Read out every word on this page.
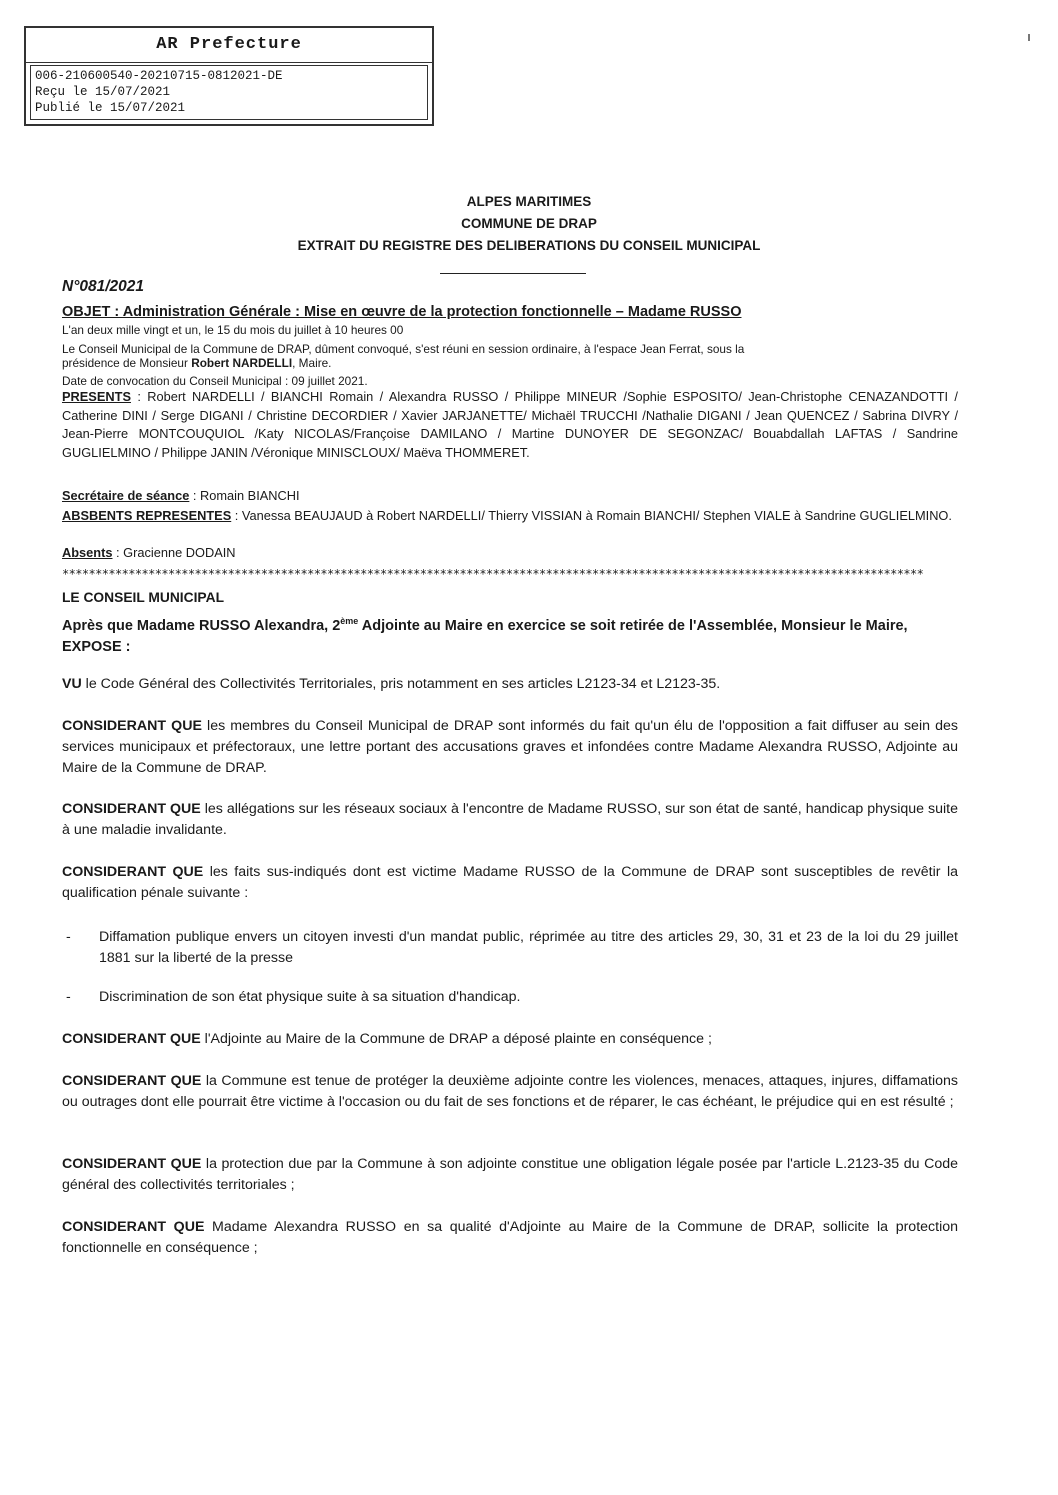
AR Prefecture
006-210600540-20210715-0812021-DE
Reçu le 15/07/2021
Publié le 15/07/2021
ALPES MARITIMES
COMMUNE DE DRAP
EXTRAIT DU REGISTRE DES DELIBERATIONS DU CONSEIL MUNICIPAL
N°081/2021
OBJET : Administration Générale : Mise en œuvre de la protection fonctionnelle – Madame RUSSO
L'an deux mille vingt et un, le 15 du mois du juillet à 10 heures 00
Le Conseil Municipal de la Commune de DRAP, dûment convoqué, s'est réuni en session ordinaire, à l'espace Jean Ferrat, sous la
présidence de Monsieur Robert NARDELLI, Maire.
Date de convocation du Conseil Municipal : 09 juillet 2021.
PRESENTS : Robert NARDELLI / BIANCHI Romain / Alexandra RUSSO / Philippe MINEUR /Sophie ESPOSITO/ Jean-Christophe CENAZANDOTTI / Catherine DINI / Serge DIGANI / Christine DECORDIER / Xavier JARJANETTE/ Michaël TRUCCHI /Nathalie DIGANI / Jean QUENCEZ / Sabrina DIVRY / Jean-Pierre MONTCOUQUIOL /Katy NICOLAS/Françoise DAMILANO / Martine DUNOYER DE SEGONZAC/ Bouabdallah LAFTAS / Sandrine GUGLIELMINO / Philippe JANIN /Véronique MINISCLOUX/ Maëva THOMMERET.
Secrétaire de séance : Romain BIANCHI
ABSBENTS REPRESENTES : Vanessa BEAUJAUD à Robert NARDELLI/ Thierry VISSIAN à Romain BIANCHI/ Stephen VIALE à Sandrine GUGLIELMINO.
Absents : Gracienne DODAIN
**********************************************************************************************************************************
LE CONSEIL MUNICIPAL
Après que Madame RUSSO Alexandra, 2ème Adjointe au Maire en exercice se soit retirée de l'Assemblée, Monsieur le Maire, EXPOSE :
VU le Code Général des Collectivités Territoriales, pris notamment en ses articles L2123-34 et L2123-35.
CONSIDERANT QUE les membres du Conseil Municipal de DRAP sont informés du fait qu'un élu de l'opposition a fait diffuser au sein des services municipaux et préfectoraux, une lettre portant des accusations graves et infondées contre Madame Alexandra RUSSO, Adjointe au Maire de la Commune de DRAP.
CONSIDERANT QUE les allégations sur les réseaux sociaux à l'encontre de Madame RUSSO, sur son état de santé, handicap physique suite à une maladie invalidante.
CONSIDERANT QUE les faits sus-indiqués dont est victime Madame RUSSO de la Commune de DRAP sont susceptibles de revêtir la qualification pénale suivante :
- Diffamation publique envers un citoyen investi d'un mandat public, réprimée au titre des articles 29, 30, 31 et 23 de la loi du 29 juillet 1881 sur la liberté de la presse
- Discrimination de son état physique suite à sa situation d'handicap.
CONSIDERANT QUE l'Adjointe au Maire de la Commune de DRAP a déposé plainte en conséquence ;
CONSIDERANT QUE la Commune est tenue de protéger la deuxième adjointe contre les violences, menaces, attaques, injures, diffamations ou outrages dont elle pourrait être victime à l'occasion ou du fait de ses fonctions et de réparer, le cas échéant, le préjudice qui en est résulté ;
CONSIDERANT QUE la protection due par la Commune à son adjointe constitue une obligation légale posée par l'article L.2123-35 du Code général des collectivités territoriales ;
CONSIDERANT QUE Madame Alexandra RUSSO en sa qualité d'Adjointe au Maire de la Commune de DRAP, sollicite la protection fonctionnelle en conséquence ;
